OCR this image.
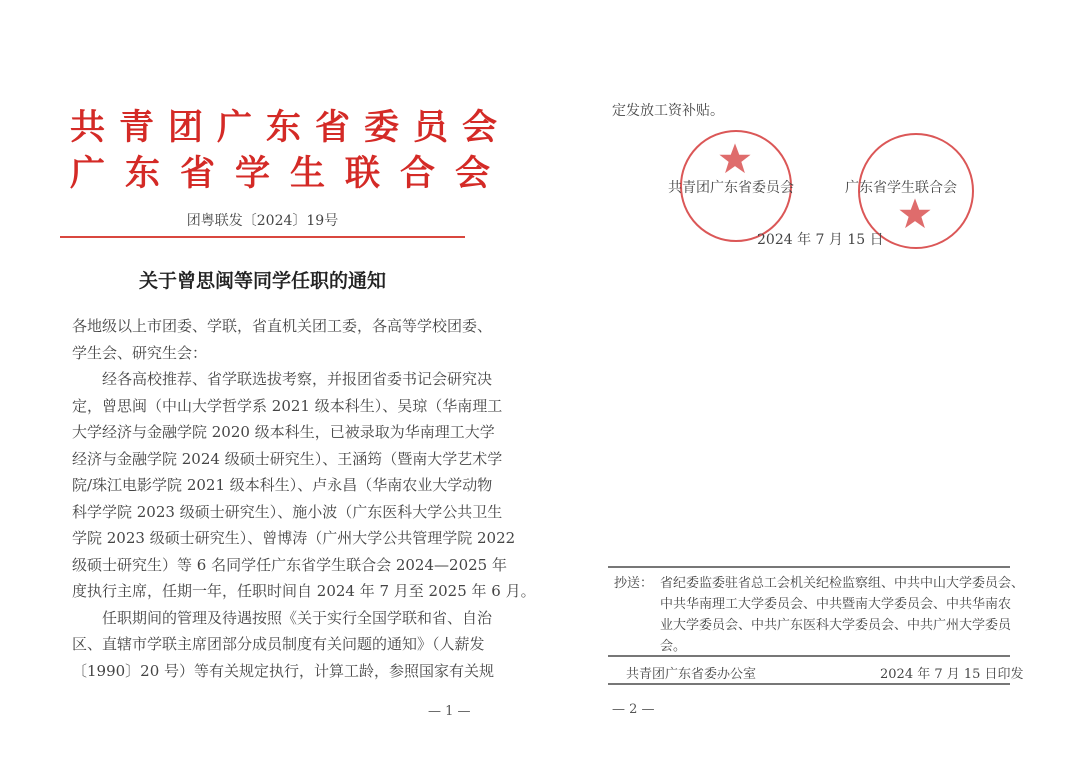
共青团广东省委员会
广东省学生联合会
团粤联发〔2024〕19号
关于曾思闽等同学任职的通知
各地级以上市团委、学联，省直机关团工委，各高等学校团委、
学生会、研究生会：
经各高校推荐、省学联选拔考察，并报团省委书记会研究决
定，曾思闽（中山大学哲学系 2021 级本科生）、吴琼（华南理工
大学经济与金融学院 2020 级本科生，已被录取为华南理工大学
经济与金融学院 2024 级硕士研究生）、王涵筠（暨南大学艺术学
院/珠江电影学院 2021 级本科生）、卢永昌（华南农业大学动物
科学学院 2023 级硕士研究生）、施小波（广东医科大学公共卫生
学院 2023 级硕士研究生）、曾博涛（广州大学公共管理学院 2022
级硕士研究生）等 6 名同学任广东省学生联合会 2024—2025 年
度执行主席，任期一年，任职时间自 2024 年 7 月至 2025 年 6 月。
任职期间的管理及待遇按照《关于实行全国学联和省、自治
区、直辖市学联主席团部分成员制度有关问题的通知》（人薪发
〔1990〕20 号）等有关规定执行，计算工龄，参照国家有关规
— 1 —
定发放工资补贴。
共青团广东省委员会	广东省学生联合会
2024 年 7 月 15 日
抄送： 省纪委监委驻省总工会机关纪检监察组、中共中山大学委员会、
中共华南理工大学委员会、中共暨南大学委员会、中共华南农
业大学委员会、中共广东医科大学委员会、中共广州大学委员
会。
共青团广东省委办公室	2024 年 7 月 15 日印发
— 2 —
